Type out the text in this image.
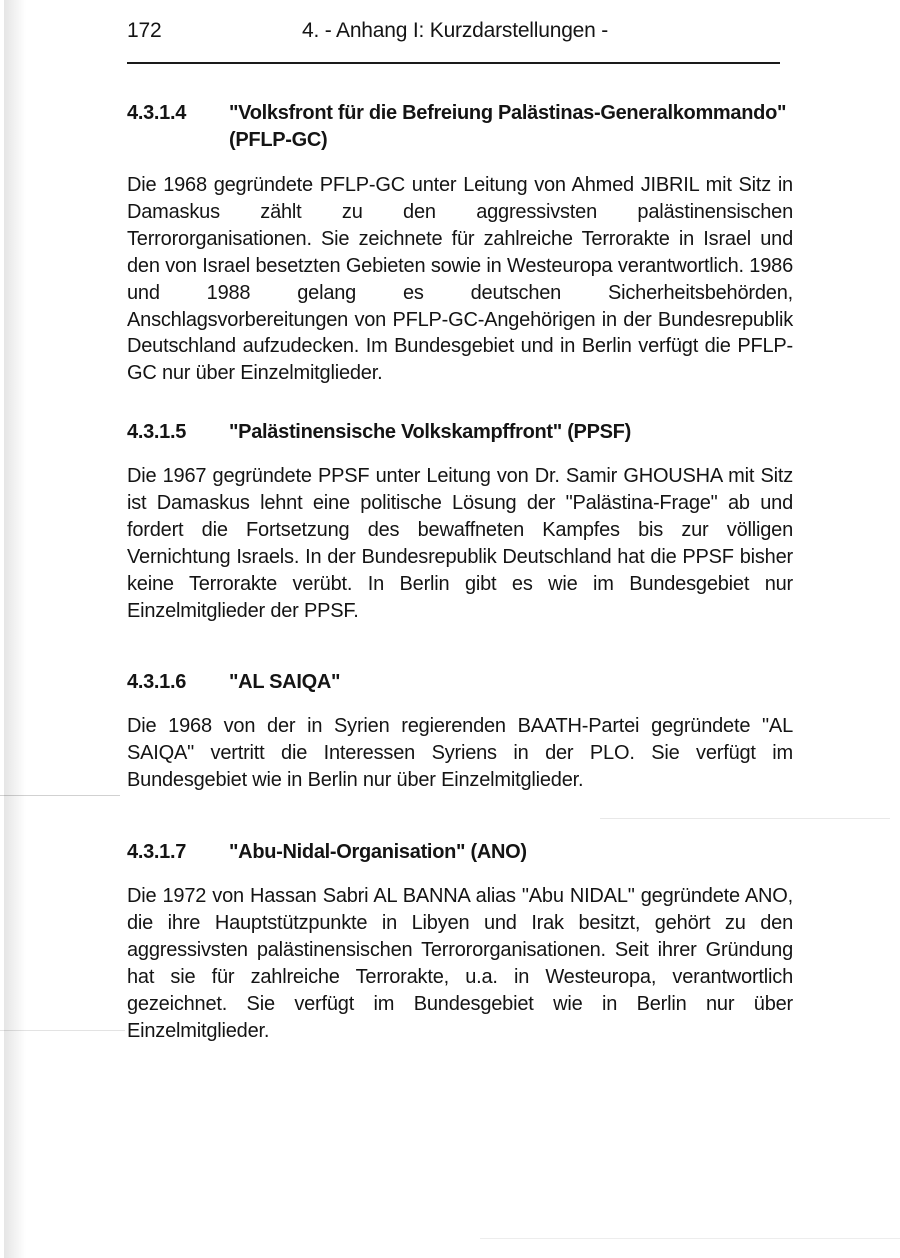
172	4. - Anhang I: Kurzdarstellungen -
4.3.1.4	"Volksfront für die Befreiung Palästinas-Generalkommando" (PFLP-GC)

Die 1968 gegründete PFLP-GC unter Leitung von Ahmed JIBRIL mit Sitz in Damaskus zählt zu den aggressivsten palästinensischen Terrororganisationen. Sie zeichnete für zahlreiche Terrorakte in Israel und den von Israel besetzten Gebieten sowie in Westeuropa verantwortlich. 1986 und 1988 gelang es deutschen Sicherheitsbehörden, Anschlagsvorbereitungen von PFLP-GC-Angehörigen in der Bundesrepublik Deutschland aufzudecken. Im Bundesgebiet und in Berlin verfügt die PFLP-GC nur über Einzelmitglieder.

4.3.1.5	"Palästinensische Volkskampffront" (PPSF)

Die 1967 gegründete PPSF unter Leitung von Dr. Samir GHOUSHA mit Sitz ist Damaskus lehnt eine politische Lösung der "Palästina-Frage" ab und fordert die Fortsetzung des bewaffneten Kampfes bis zur völligen Vernichtung Israels. In der Bundesrepublik Deutschland hat die PPSF bisher keine Terrorakte verübt. In Berlin gibt es wie im Bundesgebiet nur Einzelmitglieder der PPSF.

4.3.1.6	"AL SAIQA"

Die 1968 von der in Syrien regierenden BAATH-Partei gegründete "AL SAIQA" vertritt die Interessen Syriens in der PLO. Sie verfügt im Bundesgebiet wie in Berlin nur über Einzelmitglieder.

4.3.1.7	"Abu-Nidal-Organisation" (ANO)

Die 1972 von Hassan Sabri AL BANNA alias "Abu NIDAL" gegründete ANO, die ihre Hauptstützpunkte in Libyen und Irak besitzt, gehört zu den aggressivsten palästinensischen Terrororganisationen. Seit ihrer Gründung hat sie für zahlreiche Terrorakte, u.a. in Westeuropa, verantwortlich gezeichnet. Sie verfügt im Bundesgebiet wie in Berlin nur über Einzelmitglieder.
